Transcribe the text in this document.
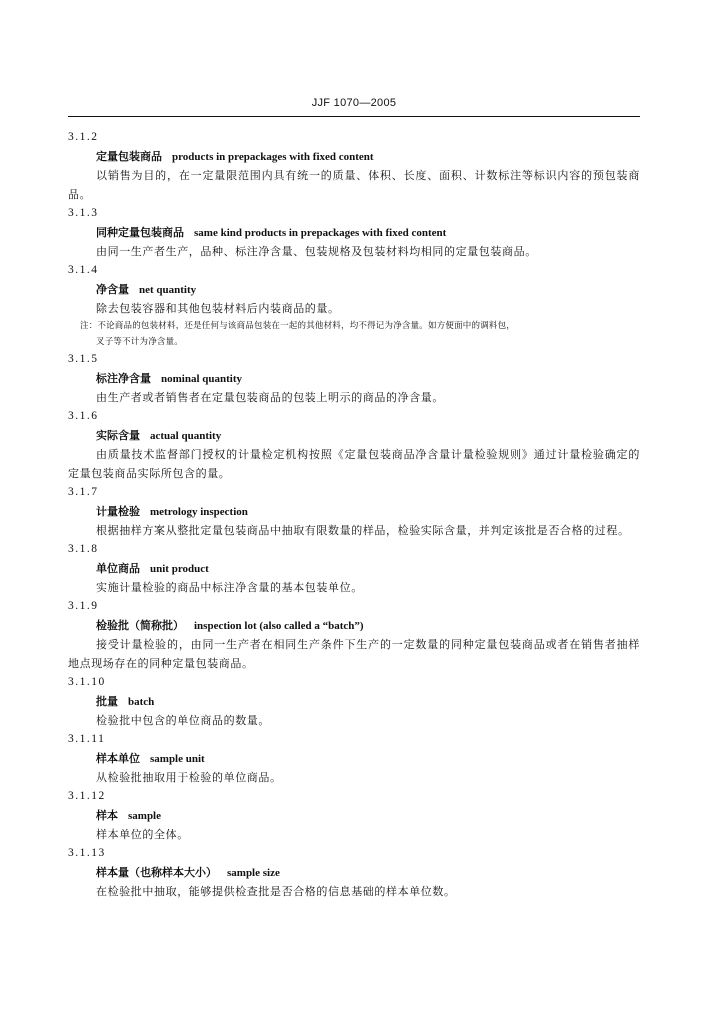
JJF 1070—2005
3.1.2
定量包装商品 products in prepackages with fixed content
以销售为目的，在一定量限范围内具有统一的质量、体积、长度、面积、计数标注等标识内容的预包装商品。
3.1.3
同种定量包装商品 same kind products in prepackages with fixed content
由同一生产者生产，品种、标注净含量、包装规格及包装材料均相同的定量包装商品。
3.1.4
净含量 net quantity
除去包装容器和其他包装材料后内装商品的量。
注：不论商品的包装材料，还是任何与该商品包装在一起的其他材料，均不得记为净含量。如方便面中的调料包，
叉子等不计为净含量。
3.1.5
标注净含量 nominal quantity
由生产者或者销售者在定量包装商品的包装上明示的商品的净含量。
3.1.6
实际含量 actual quantity
由质量技术监督部门授权的计量检定机构按照《定量包装商品净含量计量检验规则》通过计量检验确定的定量包装商品实际所包含的量。
3.1.7
计量检验 metrology inspection
根据抽样方案从整批定量包装商品中抽取有限数量的样品，检验实际含量，并判定该批是否合格的过程。
3.1.8
单位商品 unit product
实施计量检验的商品中标注净含量的基本包装单位。
3.1.9
检验批（简称批） inspection lot (also called a “batch”)
接受计量检验的，由同一生产者在相同生产条件下生产的一定数量的同种定量包装商品或者在销售者抽样地点现场存在的同种定量包装商品。
3.1.10
批量 batch
检验批中包含的单位商品的数量。
3.1.11
样本单位 sample unit
从检验批抽取用于检验的单位商品。
3.1.12
样本 sample
样本单位的全体。
3.1.13
样本量（也称样本大小） sample size
在检验批中抽取，能够提供检查批是否合格的信息基础的样本单位数。
